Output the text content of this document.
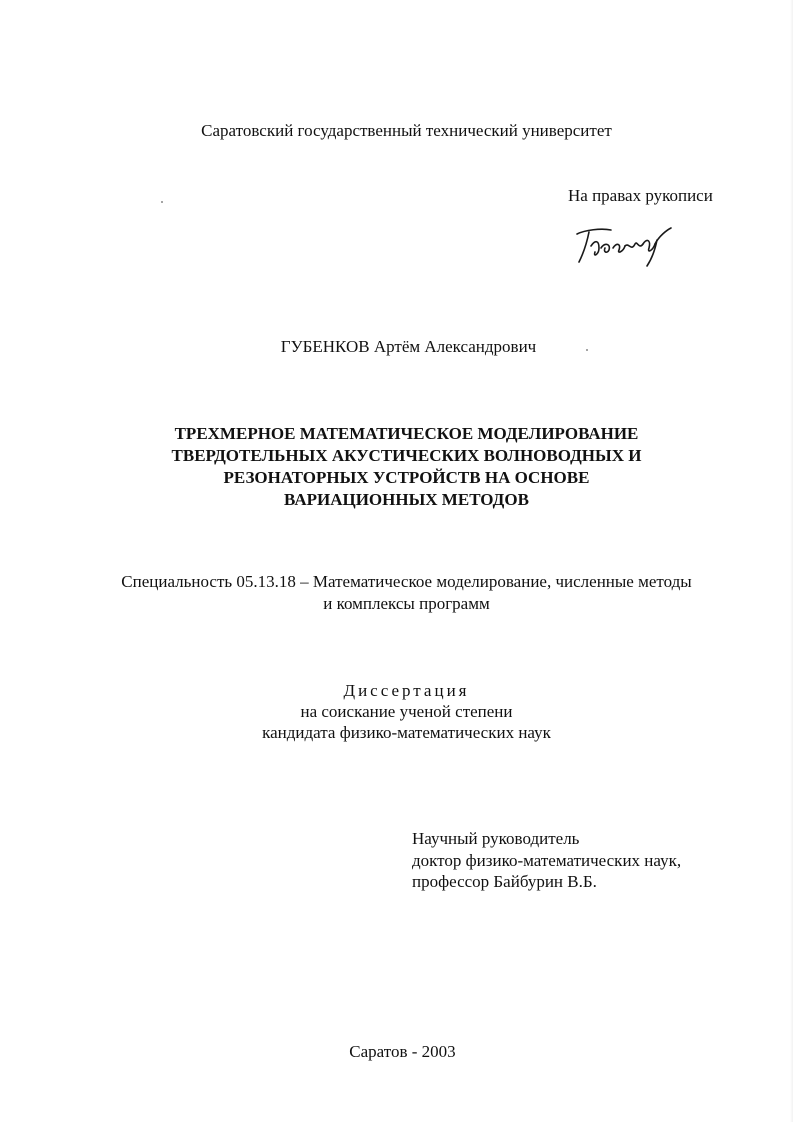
Саратовский государственный технический университет
На правах рукописи
ГУБЕНКОВ Артём Александрович
ТРЕХМЕРНОЕ МАТЕМАТИЧЕСКОЕ МОДЕЛИРОВАНИЕ
ТВЕРДОТЕЛЬНЫХ АКУСТИЧЕСКИХ ВОЛНОВОДНЫХ И
РЕЗОНАТОРНЫХ УСТРОЙСТВ НА ОСНОВЕ
ВАРИАЦИОННЫХ МЕТОДОВ
Специальность 05.13.18 – Математическое моделирование, численные методы
и комплексы программ
Диссертация
на соискание ученой степени
кандидата физико-математических наук
Научный руководитель
доктор физико-математических наук,
профессор Байбурин В.Б.
Саратов - 2003
